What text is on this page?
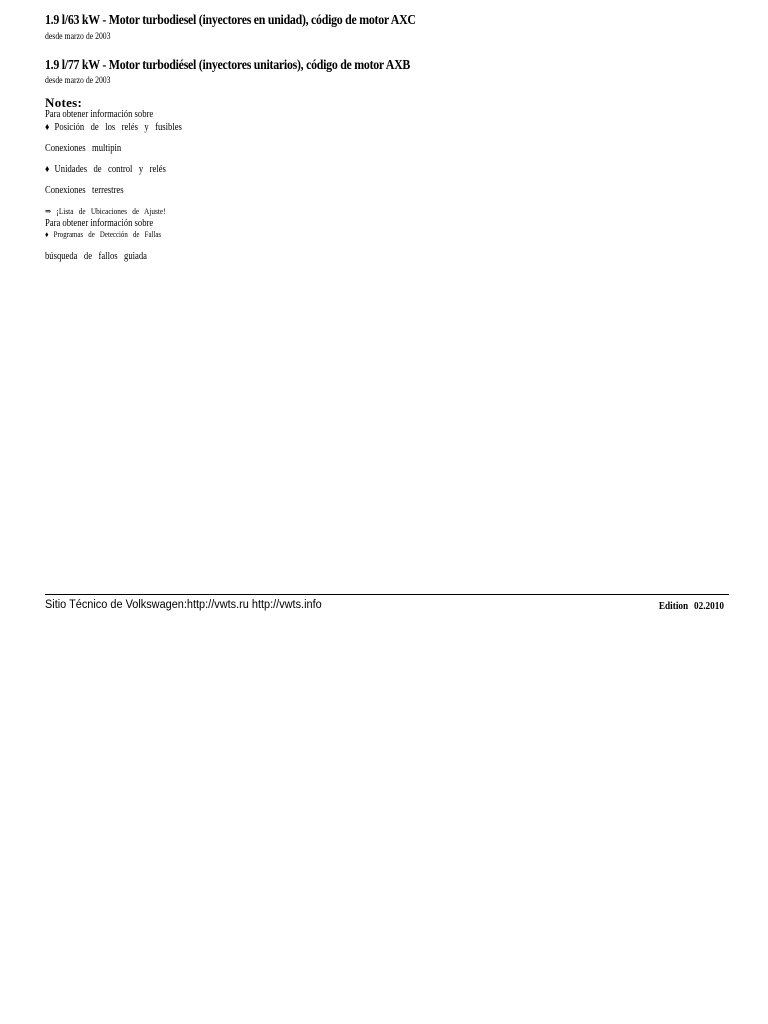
1.9 l/63 kW - Motor turbodiesel (inyectores en unidad), código de motor AXC
desde marzo de 2003
1.9 l/77 kW - Motor turbodiésel (inyectores unitarios), código de motor AXB
desde marzo de 2003
Notes:
Para obtener información sobre
♦ Posición de los relés y fusibles
Conexiones multipin
♦ Unidades de control y relés
Conexiones terrestres
⇒ ¡Lista de Ubicaciones de Ajuste!
Para obtener información sobre
♦ Programas de Detección de Fallas
búsqueda de fallos guiada
Sitio Técnico de Volkswagen:http://vwts.ru http://vwts.info	Edition 02.2010
